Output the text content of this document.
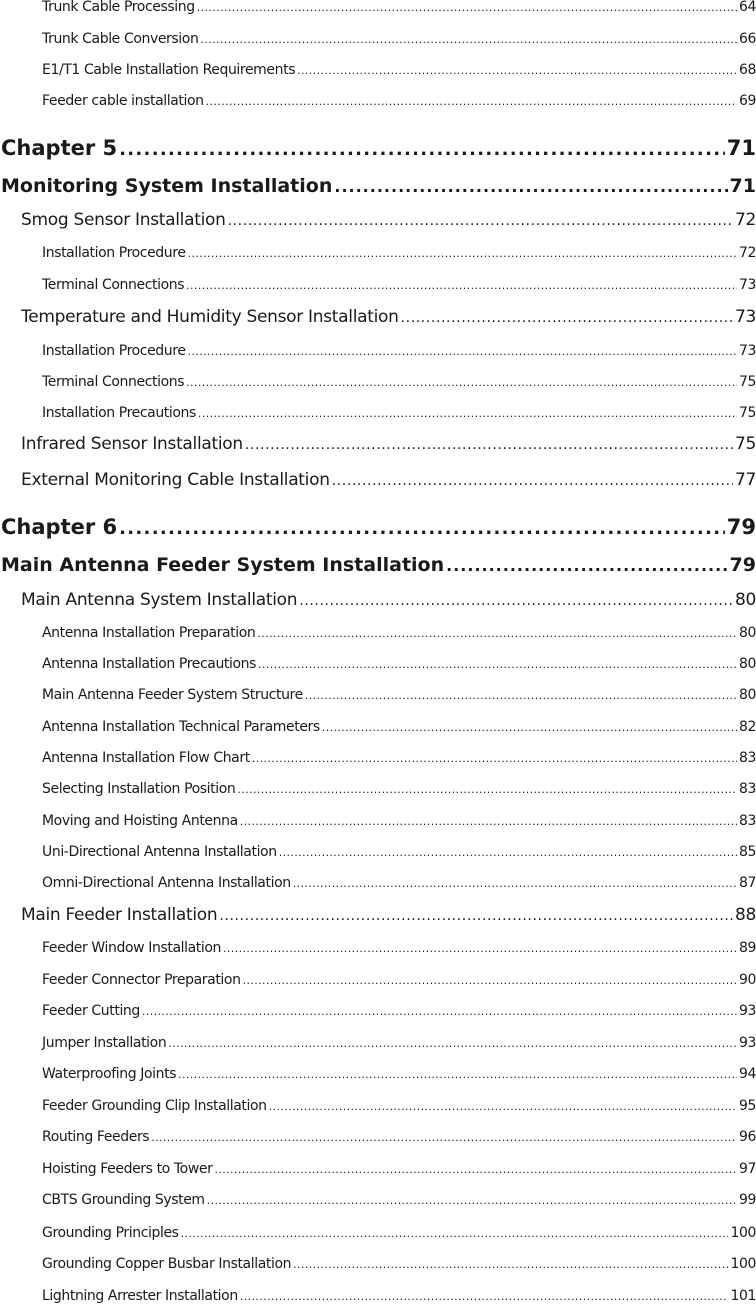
Trunk Cable Processing .....	64
Trunk Cable Conversion .....	66
E1/T1 Cable Installation Requirements .....	68
Feeder cable installation .....	69
Chapter 5 .....	71
Monitoring System Installation .....	71
Smog Sensor Installation .....	72
Installation Procedure .....	72
Terminal Connections .....	73
Temperature and Humidity Sensor Installation .....	73
Installation Procedure .....	73
Terminal Connections .....	75
Installation Precautions .....	75
Infrared Sensor Installation .....	75
External Monitoring Cable Installation .....	77
Chapter 6 .....	79
Main Antenna Feeder System Installation .....	79
Main Antenna System Installation .....	80
Antenna Installation Preparation .....	80
Antenna Installation Precautions .....	80
Main Antenna Feeder System Structure .....	80
Antenna Installation Technical Parameters .....	82
Antenna Installation Flow Chart .....	83
Selecting Installation Position .....	83
Moving and Hoisting Antenna .....	83
Uni-Directional Antenna Installation .....	85
Omni-Directional Antenna Installation .....	87
Main Feeder Installation .....	88
Feeder Window Installation .....	89
Feeder Connector Preparation .....	90
Feeder Cutting .....	93
Jumper Installation .....	93
Waterproofing Joints .....	94
Feeder Grounding Clip Installation .....	95
Routing Feeders .....	96
Hoisting Feeders to Tower .....	97
CBTS Grounding System .....	99
Grounding Principles .....	100
Grounding Copper Busbar Installation .....	100
Lightning Arrester Installation .....	101
